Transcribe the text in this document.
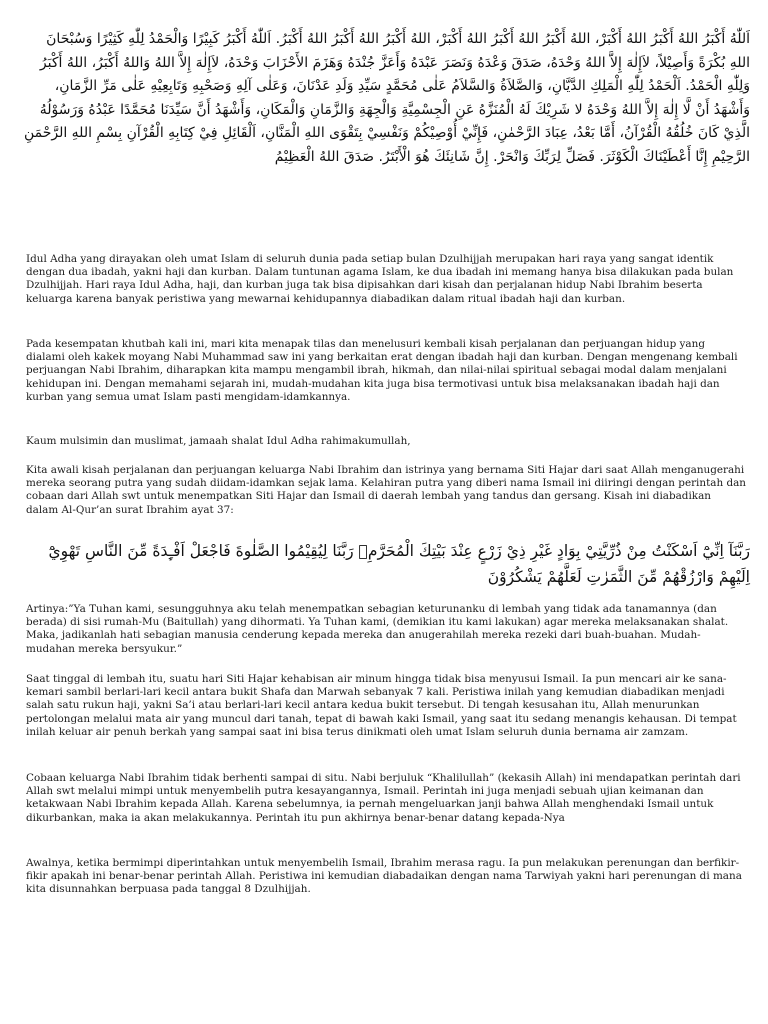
اَللّٰهُ أَكْبَرُ اللهُ أَكْبَرُ اللهُ أَكْبَرْ، اللهُ أَكْبَرُ اللهُ أَكْبَرُ اللهُ أَكْبَرْ، اللهُ أَكْبَرُ اللهُ أَكْبَرُ اللهُ أَكْبَرُ. اَللّٰهُ أَكْبَرُ كَبِيْرًا وَالْحَمْدُ لِلّٰهِ كَثِيْرًا وَسُبْحَانَ اللهِ بُكْرَةً وَأَصِيْلاً، لاَإِلٰهَ إِلاَّ اللهُ وَحْدَهُ، صَدَقَ وَعْدَهُ وَنَصَرَ عَبْدَهُ وَأَعَزَّ جُنْدَهُ وَهَزَمَ الأَحْزَابَ وَحْدَهُ، لاَإِلٰهَ إِلاَّ اللهُ وَاللهُ أَكْبَرُ، اللهُ أَكْبَرُ وَلِلّٰهِ الْحَمْدُ. اَلْحَمْدُ لِلّٰهِ الْمَلِكِ الدَّيَّانِ، وَالصَّلاَةُ وَالسَّلاَمُ عَلٰى مُحَمَّدٍ سَيِّدِ وَلَدِ عَدْنَانَ، وَعَلٰى آلِهِ وَصَحْبِهِ وَتَابِعِيْهِ عَلٰى مَرِّ الزَّمَانِ، وَأَشْهَدُ أَنْ لَّا إِلٰهَ إِلاَّ اللهُ وَحْدَهُ لا شَرِيْكَ لَهُ الْمُنَزَّهُ عَنِ الْجِسْمِيَّةِ وَالْجِهَةِ وَالزَّمَانِ وَالْمَكَانِ، وَأَشْهَدُ أَنَّ سَيِّدَنَا مُحَمَّدًا عَبْدُهُ وَرَسُوْلُهُ الَّذِيْ كَانَ خُلُقُهُ الْقُرْآنُ، أَمَّا بَعْدُ، عِبَادَ الرَّحْمٰنِ، فَإِنِّيْ أُوْصِيْكُمْ وَنَفْسِيْ بِتَقْوَى اللهِ الْمَنَّانِ، اَلْقَائِلِ فِيْ كِتَابِهِ الْقُرْآنِ بِسْمِ اللهِ الرَّحْمَنِ الرَّحِيْمِ إِنَّا أَعْطَيْنَاكَ الْكَوْثَرَ. فَصَلِّ لِرَبِّكَ وَانْحَرْ. إِنَّ شَانِئَكَ هُوَ الْأَبْتَرُ. صَدَقَ اللهُ الْعَظِيْمُ

Idul Adha yang dirayakan oleh umat Islam di seluruh dunia pada setiap bulan Dzulhijjah merupakan hari raya yang sangat identik dengan dua ibadah, yakni haji dan kurban. Dalam tuntunan agama Islam, ke dua ibadah ini memang hanya bisa dilakukan pada bulan Dzulhijjah. Hari raya Idul Adha, haji, dan kurban juga tak bisa dipisahkan dari kisah dan perjalanan hidup Nabi Ibrahim beserta keluarga karena banyak peristiwa yang mewarnai kehidupannya diabadikan dalam ritual ibadah haji dan kurban.

Pada kesempatan khutbah kali ini, mari kita menapak tilas dan menelusuri kembali kisah perjalanan dan perjuangan hidup yang dialami oleh kakek moyang Nabi Muhammad saw ini yang berkaitan erat dengan ibadah haji dan kurban. Dengan mengenang kembali perjuangan Nabi Ibrahim, diharapkan kita mampu mengambil ibrah, hikmah, dan nilai-nilai spiritual sebagai modal dalam menjalani kehidupan ini. Dengan memahami sejarah ini, mudah-mudahan kita juga bisa termotivasi untuk bisa melaksanakan ibadah haji dan kurban yang semua umat Islam pasti mengidam-idamkannya.

Kaum mulsimin dan muslimat, jamaah shalat Idul Adha rahimakumullah,

Kita awali kisah perjalanan dan perjuangan keluarga Nabi Ibrahim dan istrinya yang bernama Siti Hajar dari saat Allah menganugerahi mereka seorang putra yang sudah diidam-idamkan sejak lama. Kelahiran putra yang diberi nama Ismail ini diiringi dengan perintah dan cobaan dari Allah swt untuk menempatkan Siti Hajar dan Ismail di daerah lembah yang tandus dan gersang. Kisah ini diabadikan dalam Al-Qur’an surat Ibrahim ayat 37:

رَبَّنَآ اِنِّيْٓ اَسْكَنْتُ مِنْ ذُرِّيَّتِيْ بِوَادٍ غَيْرِ ذِيْ زَرْعٍ عِنْدَ بَيْتِكَ الْمُحَرَّمِۙ رَبَّنَا لِيُقِيْمُوا الصَّلٰوةَ فَاجْعَلْ اَفْـِٕدَةً مِّنَ النَّاسِ تَهْوِيْٓ اِلَيْهِمْ وَارْزُقْهُمْ مِّنَ الثَّمَرٰتِ لَعَلَّهُمْ يَشْكُرُوْنَ

Artinya:”Ya Tuhan kami, sesungguhnya aku telah menempatkan sebagian keturunanku di lembah yang tidak ada tanamannya (dan berada) di sisi rumah-Mu (Baitullah) yang dihormati. Ya Tuhan kami, (demikian itu kami lakukan) agar mereka melaksanakan shalat. Maka, jadikanlah hati sebagian manusia cenderung kepada mereka dan anugerahilah mereka rezeki dari buah-buahan. Mudah-mudahan mereka bersyukur.”

Saat tinggal di lembah itu, suatu hari Siti Hajar kehabisan air minum hingga tidak bisa menyusui Ismail. Ia pun mencari air ke sana-kemari sambil berlari-lari kecil antara bukit Shafa dan Marwah sebanyak 7 kali. Peristiwa inilah yang kemudian diabadikan menjadi salah satu rukun haji, yakni Sa’i atau berlari-lari kecil antara kedua bukit tersebut. Di tengah kesusahan itu, Allah menurunkan pertolongan melalui mata air yang muncul dari tanah, tepat di bawah kaki Ismail, yang saat itu sedang menangis kehausan. Di tempat inilah keluar air penuh berkah yang sampai saat ini bisa terus dinikmati oleh umat Islam seluruh dunia bernama air zamzam.

Cobaan keluarga Nabi Ibrahim tidak berhenti sampai di situ. Nabi berjuluk “Khalilullah” (kekasih Allah) ini mendapatkan perintah dari Allah swt melalui mimpi untuk menyembelih putra kesayangannya, Ismail. Perintah ini juga menjadi sebuah ujian keimanan dan ketakwaan Nabi Ibrahim kepada Allah. Karena sebelumnya, ia pernah mengeluarkan janji bahwa Allah menghendaki Ismail untuk dikurbankan, maka ia akan melakukannya. Perintah itu pun akhirnya benar-benar datang kepada-Nya

Awalnya, ketika bermimpi diperintahkan untuk menyembelih Ismail, Ibrahim merasa ragu. Ia pun melakukan perenungan dan berfikir-fikir apakah ini benar-benar perintah Allah. Peristiwa ini kemudian diabadaikan dengan nama Tarwiyah yakni hari perenungan di mana kita disunnahkan berpuasa pada tanggal 8 Dzulhijjah.
